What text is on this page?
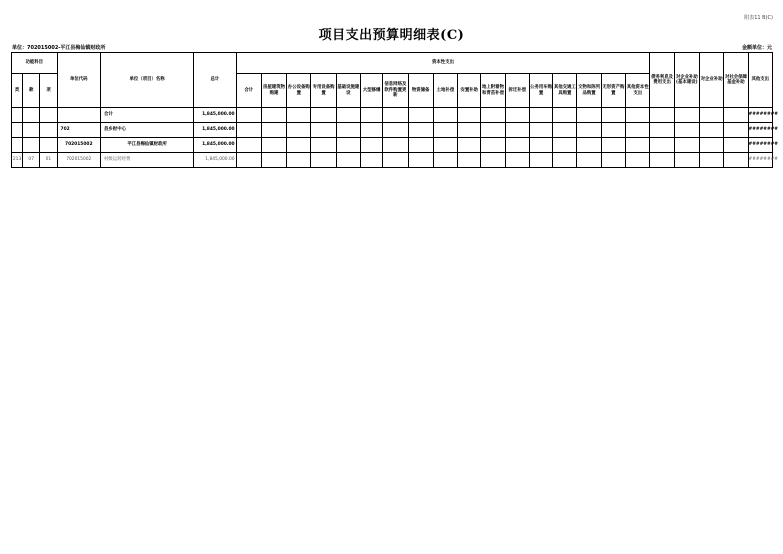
附表11 B(C)
项目支出预算明细表(C)
单位：702015002-平江县梅仙镇财政所	金额单位：元
功能科目			单位代码	单位（项目）名称	总计	资本性支出																	债务利息及费用支出	对企业补助(基本建设)	对企业补助	对社会保障基金补助	其他支出
类	款	项				合计	房屋建筑物购建	办公设备购置	专用设备购置	基础设施建设	大型修缮	信息网络及软件购置更新	物资储备	土地补偿	安置补助	地上附着物和青苗补偿	拆迁补偿	公务用车购置	其他交通工具购置	文物和陈列品购置	无形资产购置	其他资本性支出					
				合计	1,845,000.00																						########
			702	县乡财中心	1,845,000.00																						########
			702015002	平江县梅仙镇财政所	1,845,000.00																						########
213	07	01	702015002	村级运转经费	1,845,000.00																						########
